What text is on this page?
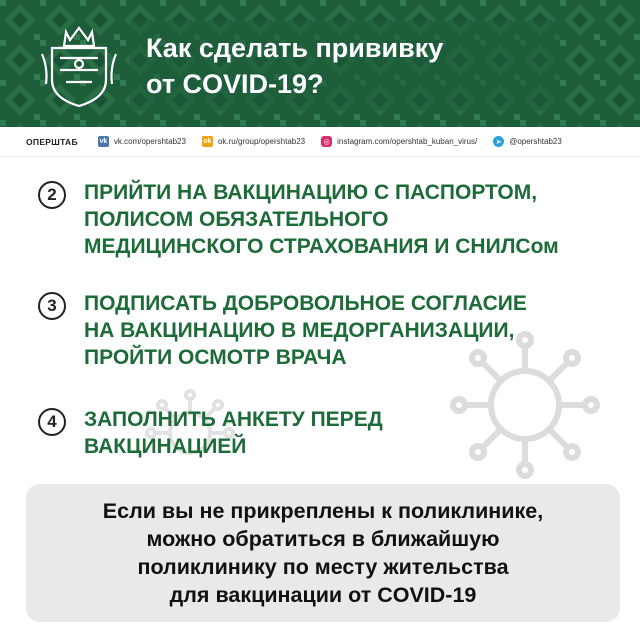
Как сделать прививку
от COVID-19?
ОПЕРШТАБ	vk vk.com/opershtab23 ok ok.ru/group/opershtab23	◎ instagram.com/opershtab_kuban_virus/	➤ @opershtab23
2	ПРИЙТИ НА ВАКЦИНАЦИЮ С ПАСПОРТОМ,
ПОЛИСОМ ОБЯЗАТЕЛЬНОГО
МЕДИЦИНСКОГО СТРАХОВАНИЯ И СНИЛСом
3	ПОДПИСАТЬ ДОБРОВОЛЬНОЕ СОГЛАСИЕ
НА ВАКЦИНАЦИЮ В МЕДОРГАНИЗАЦИИ,
ПРОЙТИ ОСМОТР ВРАЧА
4	ЗАПОЛНИТЬ АНКЕТУ ПЕРЕД
ВАКЦИНАЦИЕЙ
Если вы не прикреплены к поликлинике,
можно обратиться в ближайшую
поликлинику по месту жительства
для вакцинации от COVID-19
